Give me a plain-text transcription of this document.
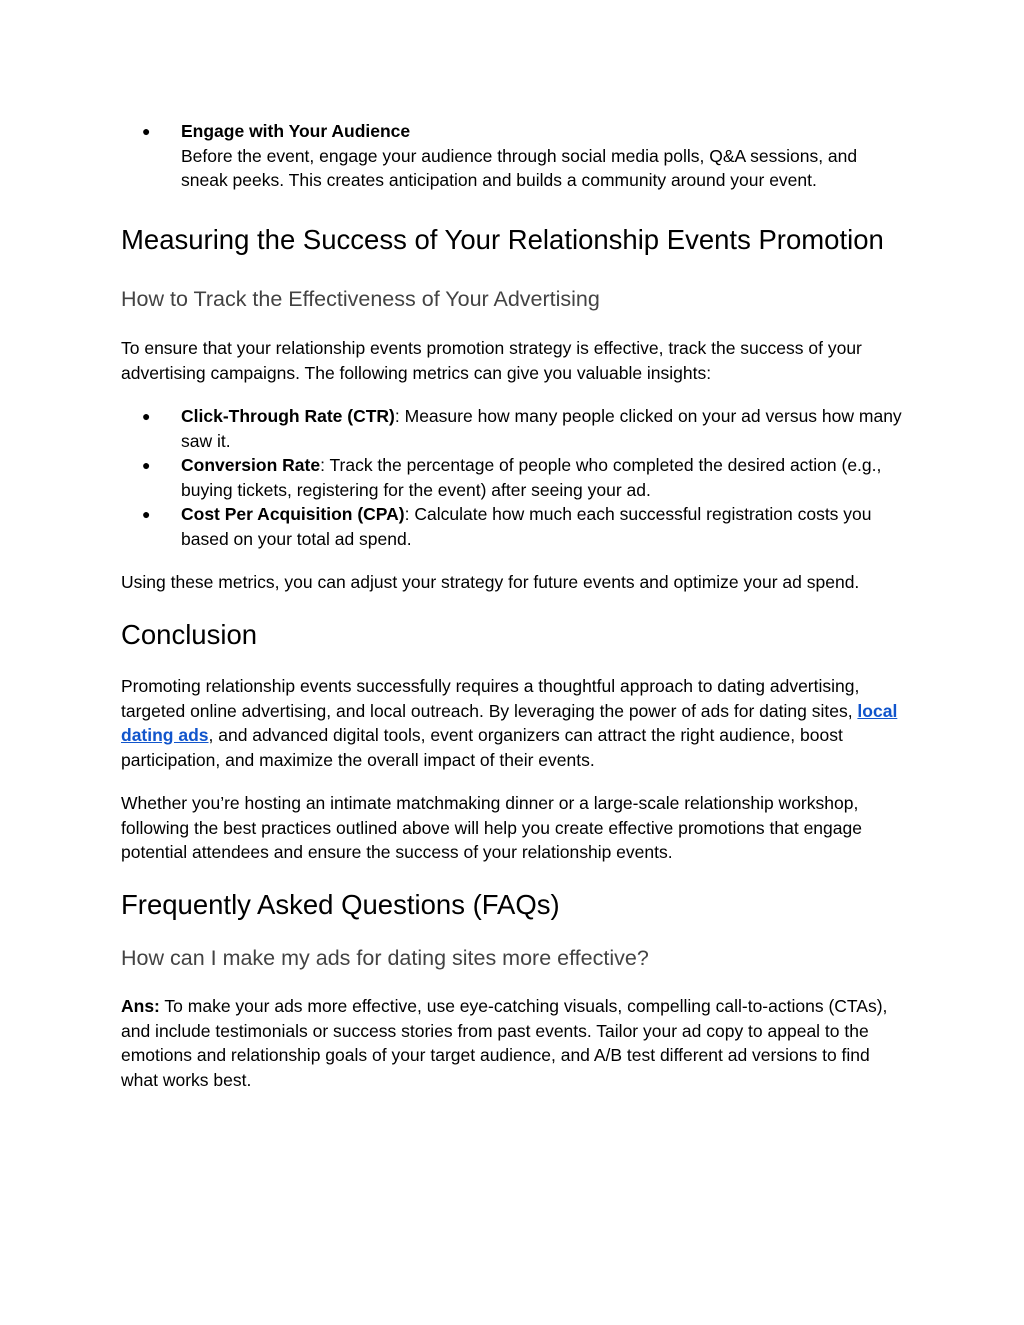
● Engage with Your Audience
Before the event, engage your audience through social media polls, Q&A sessions, and
sneak peeks. This creates anticipation and builds a community around your event.
Measuring the Success of Your Relationship Events Promotion
How to Track the Effectiveness of Your Advertising

To ensure that your relationship events promotion strategy is effective, track the success of your advertising campaigns. The following metrics can give you valuable insights:

● Click-Through Rate (CTR): Measure how many people clicked on your ad versus how many saw it.
● Conversion Rate: Track the percentage of people who completed the desired action (e.g., buying tickets, registering for the event) after seeing your ad.
● Cost Per Acquisition (CPA): Calculate how much each successful registration costs you based on your total ad spend.

Using these metrics, you can adjust your strategy for future events and optimize your ad spend.

Conclusion

Promoting relationship events successfully requires a thoughtful approach to dating advertising, targeted online advertising, and local outreach. By leveraging the power of ads for dating sites, local dating ads, and advanced digital tools, event organizers can attract the right audience, boost participation, and maximize the overall impact of their events.

Whether you’re hosting an intimate matchmaking dinner or a large-scale relationship workshop, following the best practices outlined above will help you create effective promotions that engage potential attendees and ensure the success of your relationship events.

Frequently Asked Questions (FAQs)
How can I make my ads for dating sites more effective?

Ans: To make your ads more effective, use eye-catching visuals, compelling call-to-actions (CTAs), and include testimonials or success stories from past events. Tailor your ad copy to appeal to the emotions and relationship goals of your target audience, and A/B test different ad versions to find what works best.
